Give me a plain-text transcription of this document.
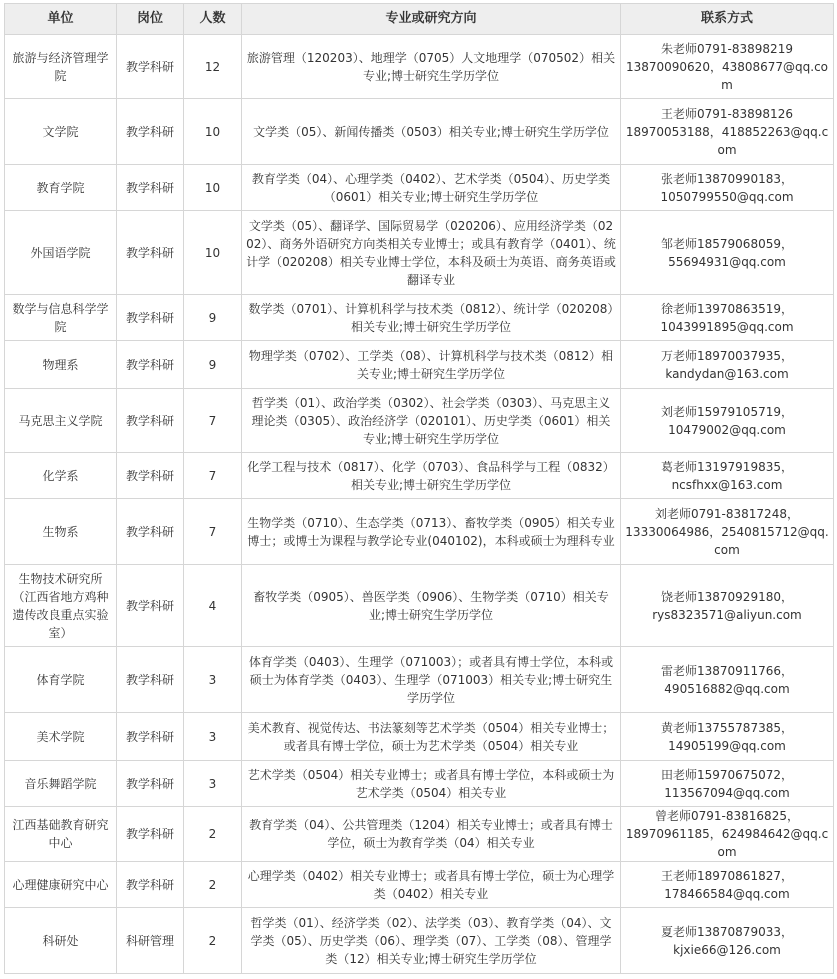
单位	岗位	人数	专业或研究方向	联系方式
旅游与经济管理学院	教学科研	12	旅游管理（120203）、地理学（0705）人文地理学（070502）相关专业;博士研究生学历学位	朱老师0791-83898219
13870090620，43808677@qq.com

文学院	教学科研	10	文学类（05）、新闻传播类（0503）相关专业;博士研究生学历学位	王老师0791-83898126
18970053188，418852263@qq.com

教育学院	教学科研	10	教育学类（04）、心理学类（0402）、艺术学类（0504）、历史学类（0601）相关专业;博士研究生学历学位	张老师13870990183，
1050799550@qq.com

外国语学院	教学科研	10	文学类（05）、翻译学、国际贸易学（020206）、应用经济学类（0202）、商务外语研究方向类相关专业博士；或具有教育学（0401）、统计学（020208）相关专业博士学位，本科及硕士为英语、商务英语或翻译专业	邹老师18579068059，
55694931@qq.com

数学与信息科学学院	教学科研	9	数学类（0701）、计算机科学与技术类（0812）、统计学（020208）相关专业;博士研究生学历学位	徐老师13970863519，
1043991895@qq.com

物理系	教学科研	9	物理学类（0702）、工学类（08）、计算机科学与技术类（0812）相关专业;博士研究生学历学位	万老师18970037935，
kandydan@163.com

马克思主义学院	教学科研	7	哲学类（01）、政治学类（0302）、社会学类（0303）、马克思主义理论类（0305）、政治经济学（020101）、历史学类（0601）相关专业;博士研究生学历学位	刘老师15979105719，
10479002@qq.com

化学系	教学科研	7	化学工程与技术（0817）、化学（0703）、食品科学与工程（0832）相关专业;博士研究生学历学位	葛老师13197919835，
ncsfhxx@163.com

生物系	教学科研	7	生物学类（0710）、生态学类（0713）、畜牧学类（0905）相关专业博士；或博士为课程与教学论专业(040102)，本科或硕士为理科专业	刘老师0791-83817248，
13330064986，2540815712@qq.com

生物技术研究所（江西省地方鸡种遗传改良重点实验室）	教学科研	4	畜牧学类（0905）、兽医学类（0906）、生物学类（0710）相关专业;博士研究生学历学位	饶老师13870929180，
rys8323571@aliyun.com

体育学院	教学科研	3	体育学类（0403）、生理学（071003）；或者具有博士学位，本科或硕士为体育学类（0403）、生理学（071003）相关专业;博士研究生学历学位	雷老师13870911766，
490516882@qq.com

美术学院	教学科研	3	美术教育、视觉传达、书法篆刻等艺术学类（0504）相关专业博士；或者具有博士学位，硕士为艺术学类（0504）相关专业	黄老师13755787385，
14905199@qq.com

音乐舞蹈学院	教学科研	3	艺术学类（0504）相关专业博士；或者具有博士学位，本科或硕士为艺术学类（0504）相关专业	田老师15970675072，
113567094@qq.com

江西基础教育研究中心	教学科研	2	教育学类（04）、公共管理类（1204）相关专业博士；或者具有博士学位，硕士为教育学类（04）相关专业	曾老师0791-83816825，
18970961185，624984642@qq.com

心理健康研究中心	教学科研	2	心理学类（0402）相关专业博士；或者具有博士学位，硕士为心理学类（0402）相关专业	王老师18970861827，
178466584@qq.com

科研处	科研管理	2	哲学类（01）、经济学类（02）、法学类（03）、教育学类（04）、文学类（05）、历史学类（06）、理学类（07）、工学类（08）、管理学类（12）相关专业;博士研究生学历学位	夏老师13870879033，
kjxie66@126.com
